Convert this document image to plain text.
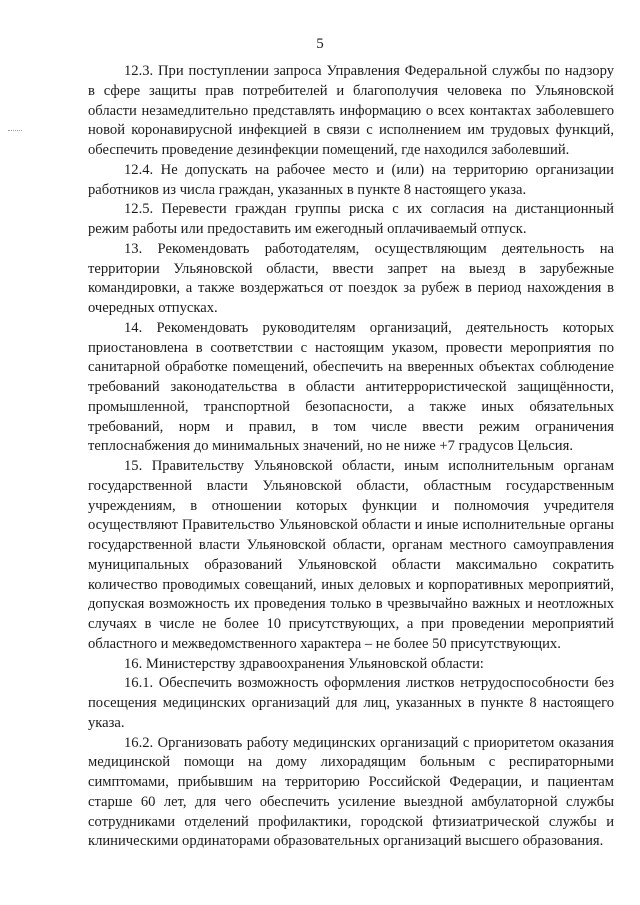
5

12.3. При поступлении запроса Управления Федеральной службы по надзору в сфере защиты прав потребителей и благополучия человека по Ульяновской области незамедлительно представлять информацию о всех контактах заболевшего новой коронавирусной инфекцией в связи с исполнением им трудовых функций, обеспечить проведение дезинфекции помещений, где находился заболевший.

12.4. Не допускать на рабочее место и (или) на территорию организации работников из числа граждан, указанных в пункте 8 настоящего указа.

12.5. Перевести граждан группы риска с их согласия на дистанционный режим работы или предоставить им ежегодный оплачиваемый отпуск.

13. Рекомендовать работодателям, осуществляющим деятельность на территории Ульяновской области, ввести запрет на выезд в зарубежные командировки, а также воздержаться от поездок за рубеж в период нахождения в очередных отпусках.

14. Рекомендовать руководителям организаций, деятельность которых приостановлена в соответствии с настоящим указом, провести мероприятия по санитарной обработке помещений, обеспечить на вверенных объектах соблюдение требований законодательства в области антитеррористической защищённости, промышленной, транспортной безопасности, а также иных обязательных требований, норм и правил, в том числе ввести режим ограничения теплоснабжения до минимальных значений, но не ниже +7 градусов Цельсия.

15. Правительству Ульяновской области, иным исполнительным органам государственной власти Ульяновской области, областным государственным учреждениям, в отношении которых функции и полномочия учредителя осуществляют Правительство Ульяновской области и иные исполнительные органы государственной власти Ульяновской области, органам местного самоуправления муниципальных образований Ульяновской области максимально сократить количество проводимых совещаний, иных деловых и корпоративных мероприятий, допуская возможность их проведения только в чрезвычайно важных и неотложных случаях в числе не более 10 присутствующих, а при проведении мероприятий областного и межведомственного характера – не более 50 присутствующих.

16. Министерству здравоохранения Ульяновской области:

16.1. Обеспечить возможность оформления листков нетрудоспособности без посещения медицинских организаций для лиц, указанных в пункте 8 настоящего указа.

16.2. Организовать работу медицинских организаций с приоритетом оказания медицинской помощи на дому лихорадящим больным с респираторными симптомами, прибывшим на территорию Российской Федерации, и пациентам старше 60 лет, для чего обеспечить усиление выездной амбулаторной службы сотрудниками отделений профилактики, городской фтизиатрической службы и клиническими ординаторами образовательных организаций высшего образования.
